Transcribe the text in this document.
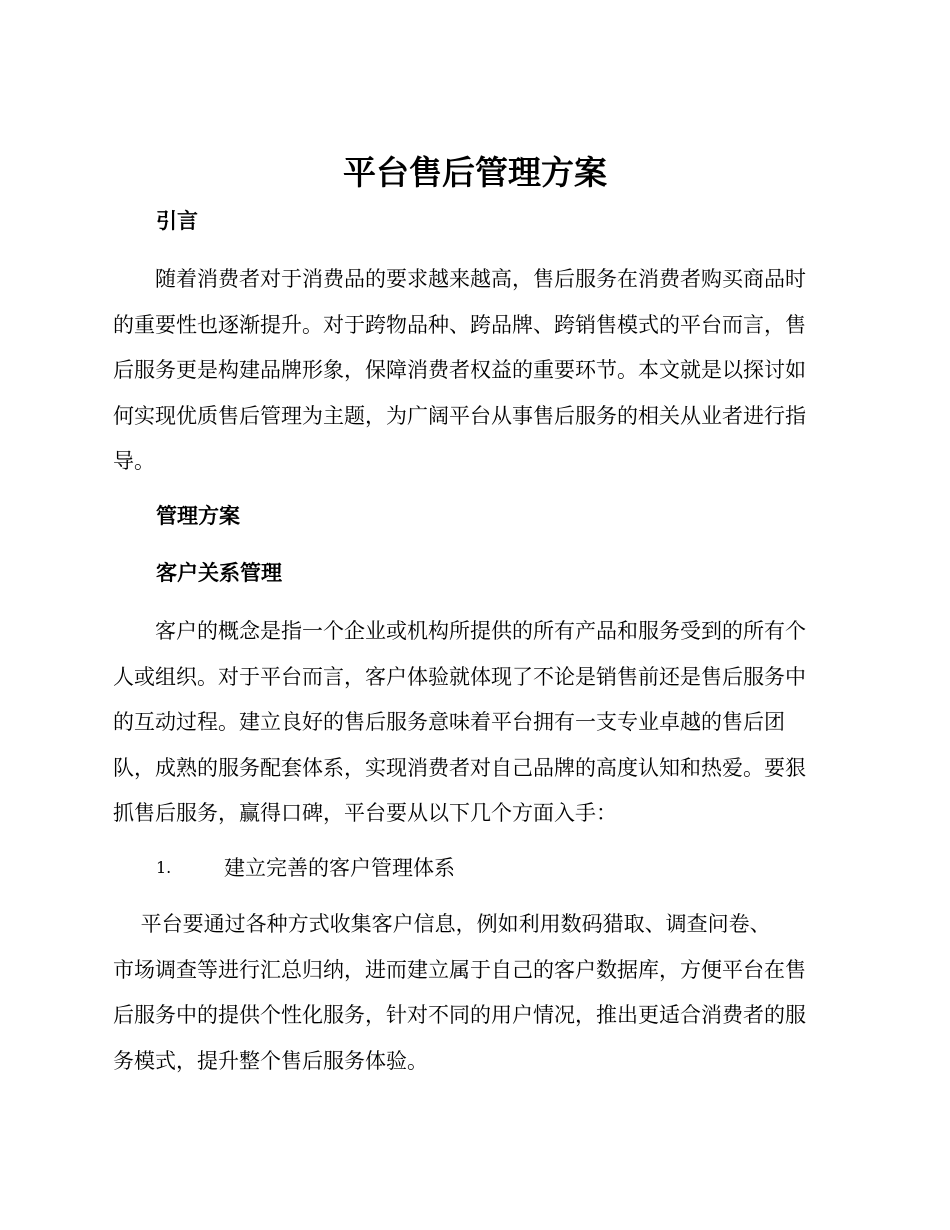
平台售后管理方案
引言
　　随着消费者对于消费品的要求越来越高，售后服务在消费者购买商品时
的重要性也逐渐提升。对于跨物品种、跨品牌、跨销售模式的平台而言，售
后服务更是构建品牌形象，保障消费者权益的重要环节。本文就是以探讨如
何实现优质售后管理为主题，为广阔平台从事售后服务的相关从业者进行指
导。
管理方案
客户关系管理
　　客户的概念是指一个企业或机构所提供的所有产品和服务受到的所有个
人或组织。对于平台而言，客户体验就体现了不论是销售前还是售后服务中
的互动过程。建立良好的售后服务意味着平台拥有一支专业卓越的售后团
队，成熟的服务配套体系，实现消费者对自己品牌的高度认知和热爱。要狠
抓售后服务，赢得口碑，平台要从以下几个方面入手：
1.	建立完善的客户管理体系
　 平台要通过各种方式收集客户信息，例如利用数码猎取、调查问卷、
市场调查等进行汇总归纳，进而建立属于自己的客户数据库，方便平台在售
后服务中的提供个性化服务，针对不同的用户情况，推出更适合消费者的服
务模式，提升整个售后服务体验。
